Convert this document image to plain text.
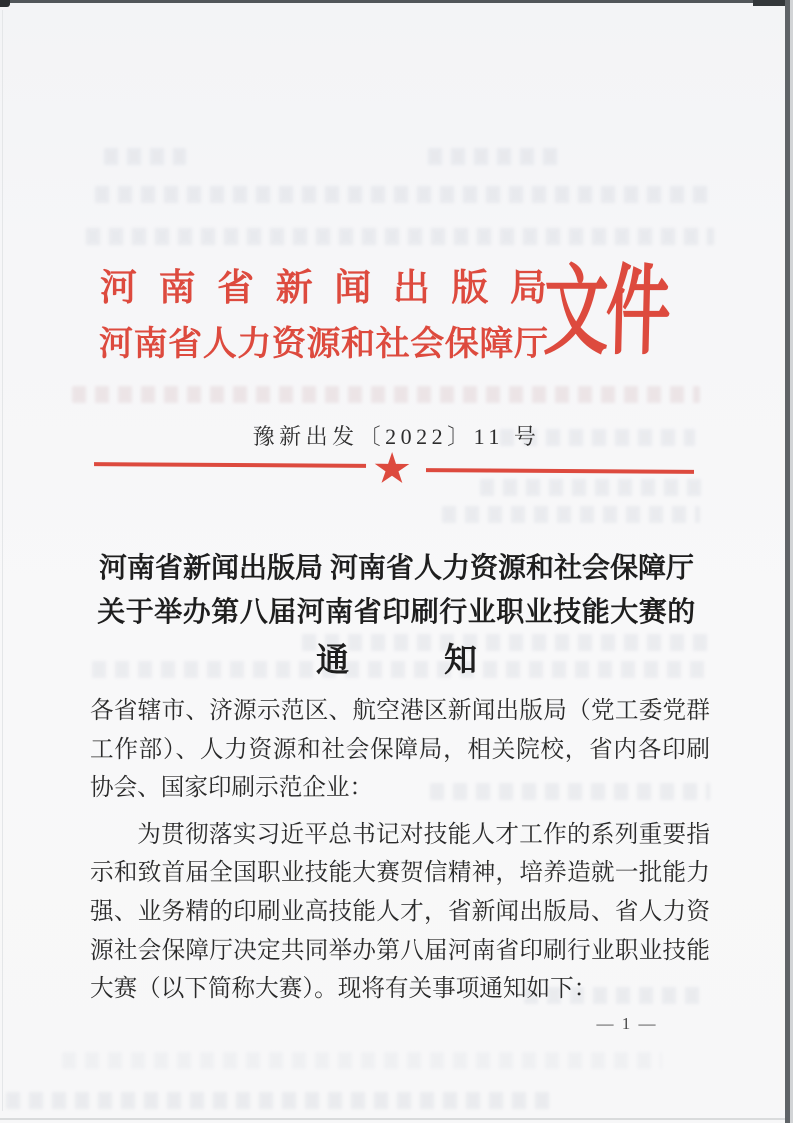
河 南 省 新 闻 出 版 局
河 南 省 人 力 资 源 和 社 会 保 障 厅
文件
豫新出发〔2022〕11 号
河南省新闻出版局 河南省人力资源和社会保障厅
关于举办第八届河南省印刷行业职业技能大赛的
通	知

各省辖市、济源示范区、航空港区新闻出版局（党工委党群工作部）、人力资源和社会保障局，相关院校，省内各印刷协会、国家印刷示范企业：

为贯彻落实习近平总书记对技能人才工作的系列重要指示和致首届全国职业技能大赛贺信精神，培养造就一批能力强、业务精的印刷业高技能人才，省新闻出版局、省人力资源社会保障厅决定共同举办第八届河南省印刷行业职业技能大赛（以下简称大赛）。现将有关事项通知如下：

— 1 —
